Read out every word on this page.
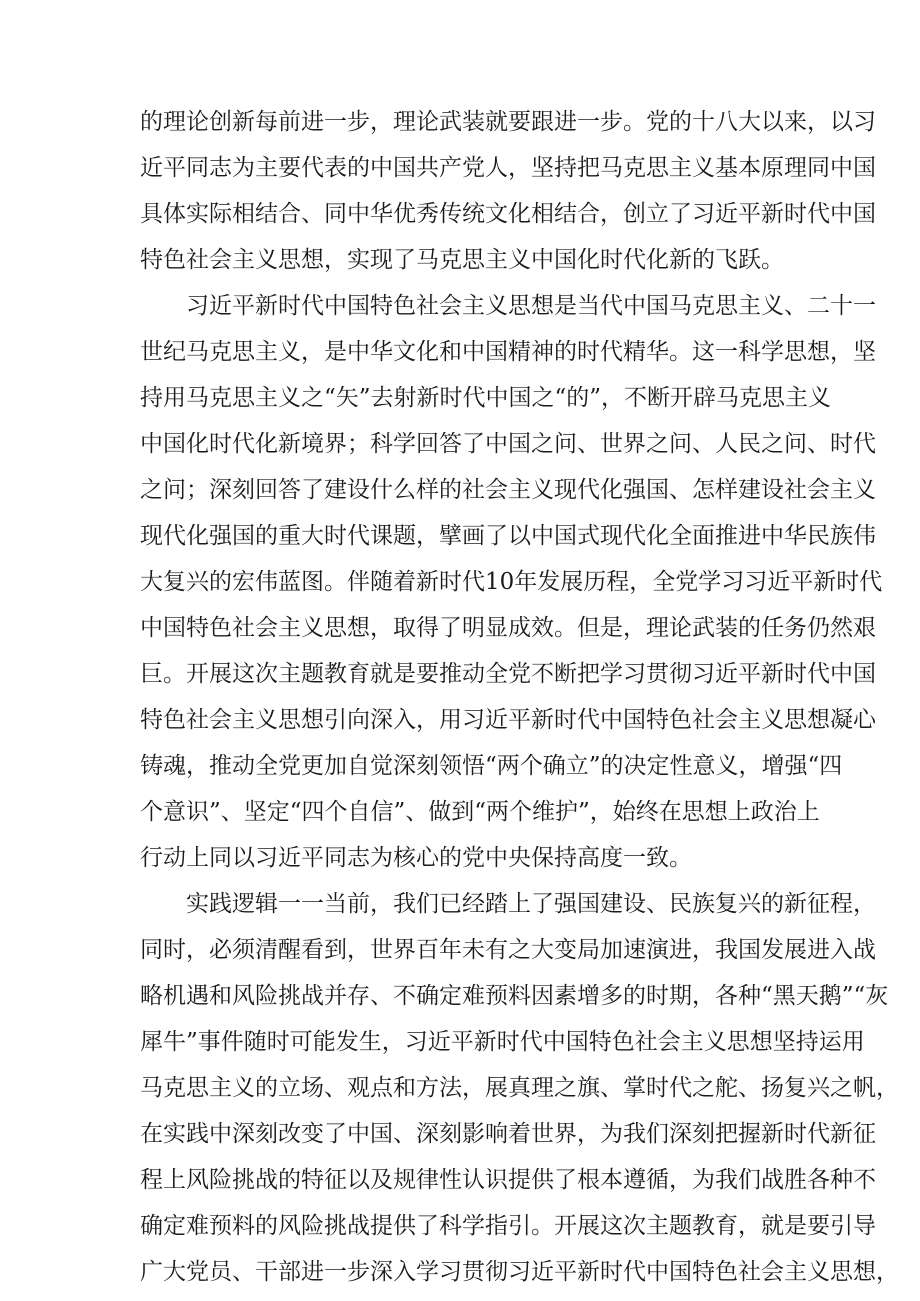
的理论创新每前进一步，理论武装就要跟进一步。党的十八大以来，以习
近平同志为主要代表的中国共产党人，坚持把马克思主义基本原理同中国
具体实际相结合、同中华优秀传统文化相结合，创立了习近平新时代中国
特色社会主义思想，实现了马克思主义中国化时代化新的飞跃。
习近平新时代中国特色社会主义思想是当代中国马克思主义、二十一
世纪马克思主义，是中华文化和中国精神的时代精华。这一科学思想，坚
持用马克思主义之“矢”去射新时代中国之“的”，不断开辟马克思主义
中国化时代化新境界；科学回答了中国之问、世界之问、人民之问、时代
之问；深刻回答了建设什么样的社会主义现代化强国、怎样建设社会主义
现代化强国的重大时代课题，擘画了以中国式现代化全面推进中华民族伟
大复兴的宏伟蓝图。伴随着新时代10年发展历程，全党学习习近平新时代
中国特色社会主义思想，取得了明显成效。但是，理论武装的任务仍然艰
巨。开展这次主题教育就是要推动全党不断把学习贯彻习近平新时代中国
特色社会主义思想引向深入，用习近平新时代中国特色社会主义思想凝心
铸魂，推动全党更加自觉深刻领悟“两个确立”的决定性意义，增强“四
个意识”、坚定“四个自信”、做到“两个维护”，始终在思想上政治上
行动上同以习近平同志为核心的党中央保持高度一致。
实践逻辑一一当前，我们已经踏上了强国建设、民族复兴的新征程，
同时，必须清醒看到，世界百年未有之大变局加速演进，我国发展进入战
略机遇和风险挑战并存、不确定难预料因素增多的时期，各种“黑天鹅”“灰
犀牛”事件随时可能发生，习近平新时代中国特色社会主义思想坚持运用
马克思主义的立场、观点和方法，展真理之旗、掌时代之舵、扬复兴之帆，
在实践中深刻改变了中国、深刻影响着世界，为我们深刻把握新时代新征
程上风险挑战的特征以及规律性认识提供了根本遵循，为我们战胜各种不
确定难预料的风险挑战提供了科学指引。开展这次主题教育，就是要引导
广大党员、干部进一步深入学习贯彻习近平新时代中国特色社会主义思想，
